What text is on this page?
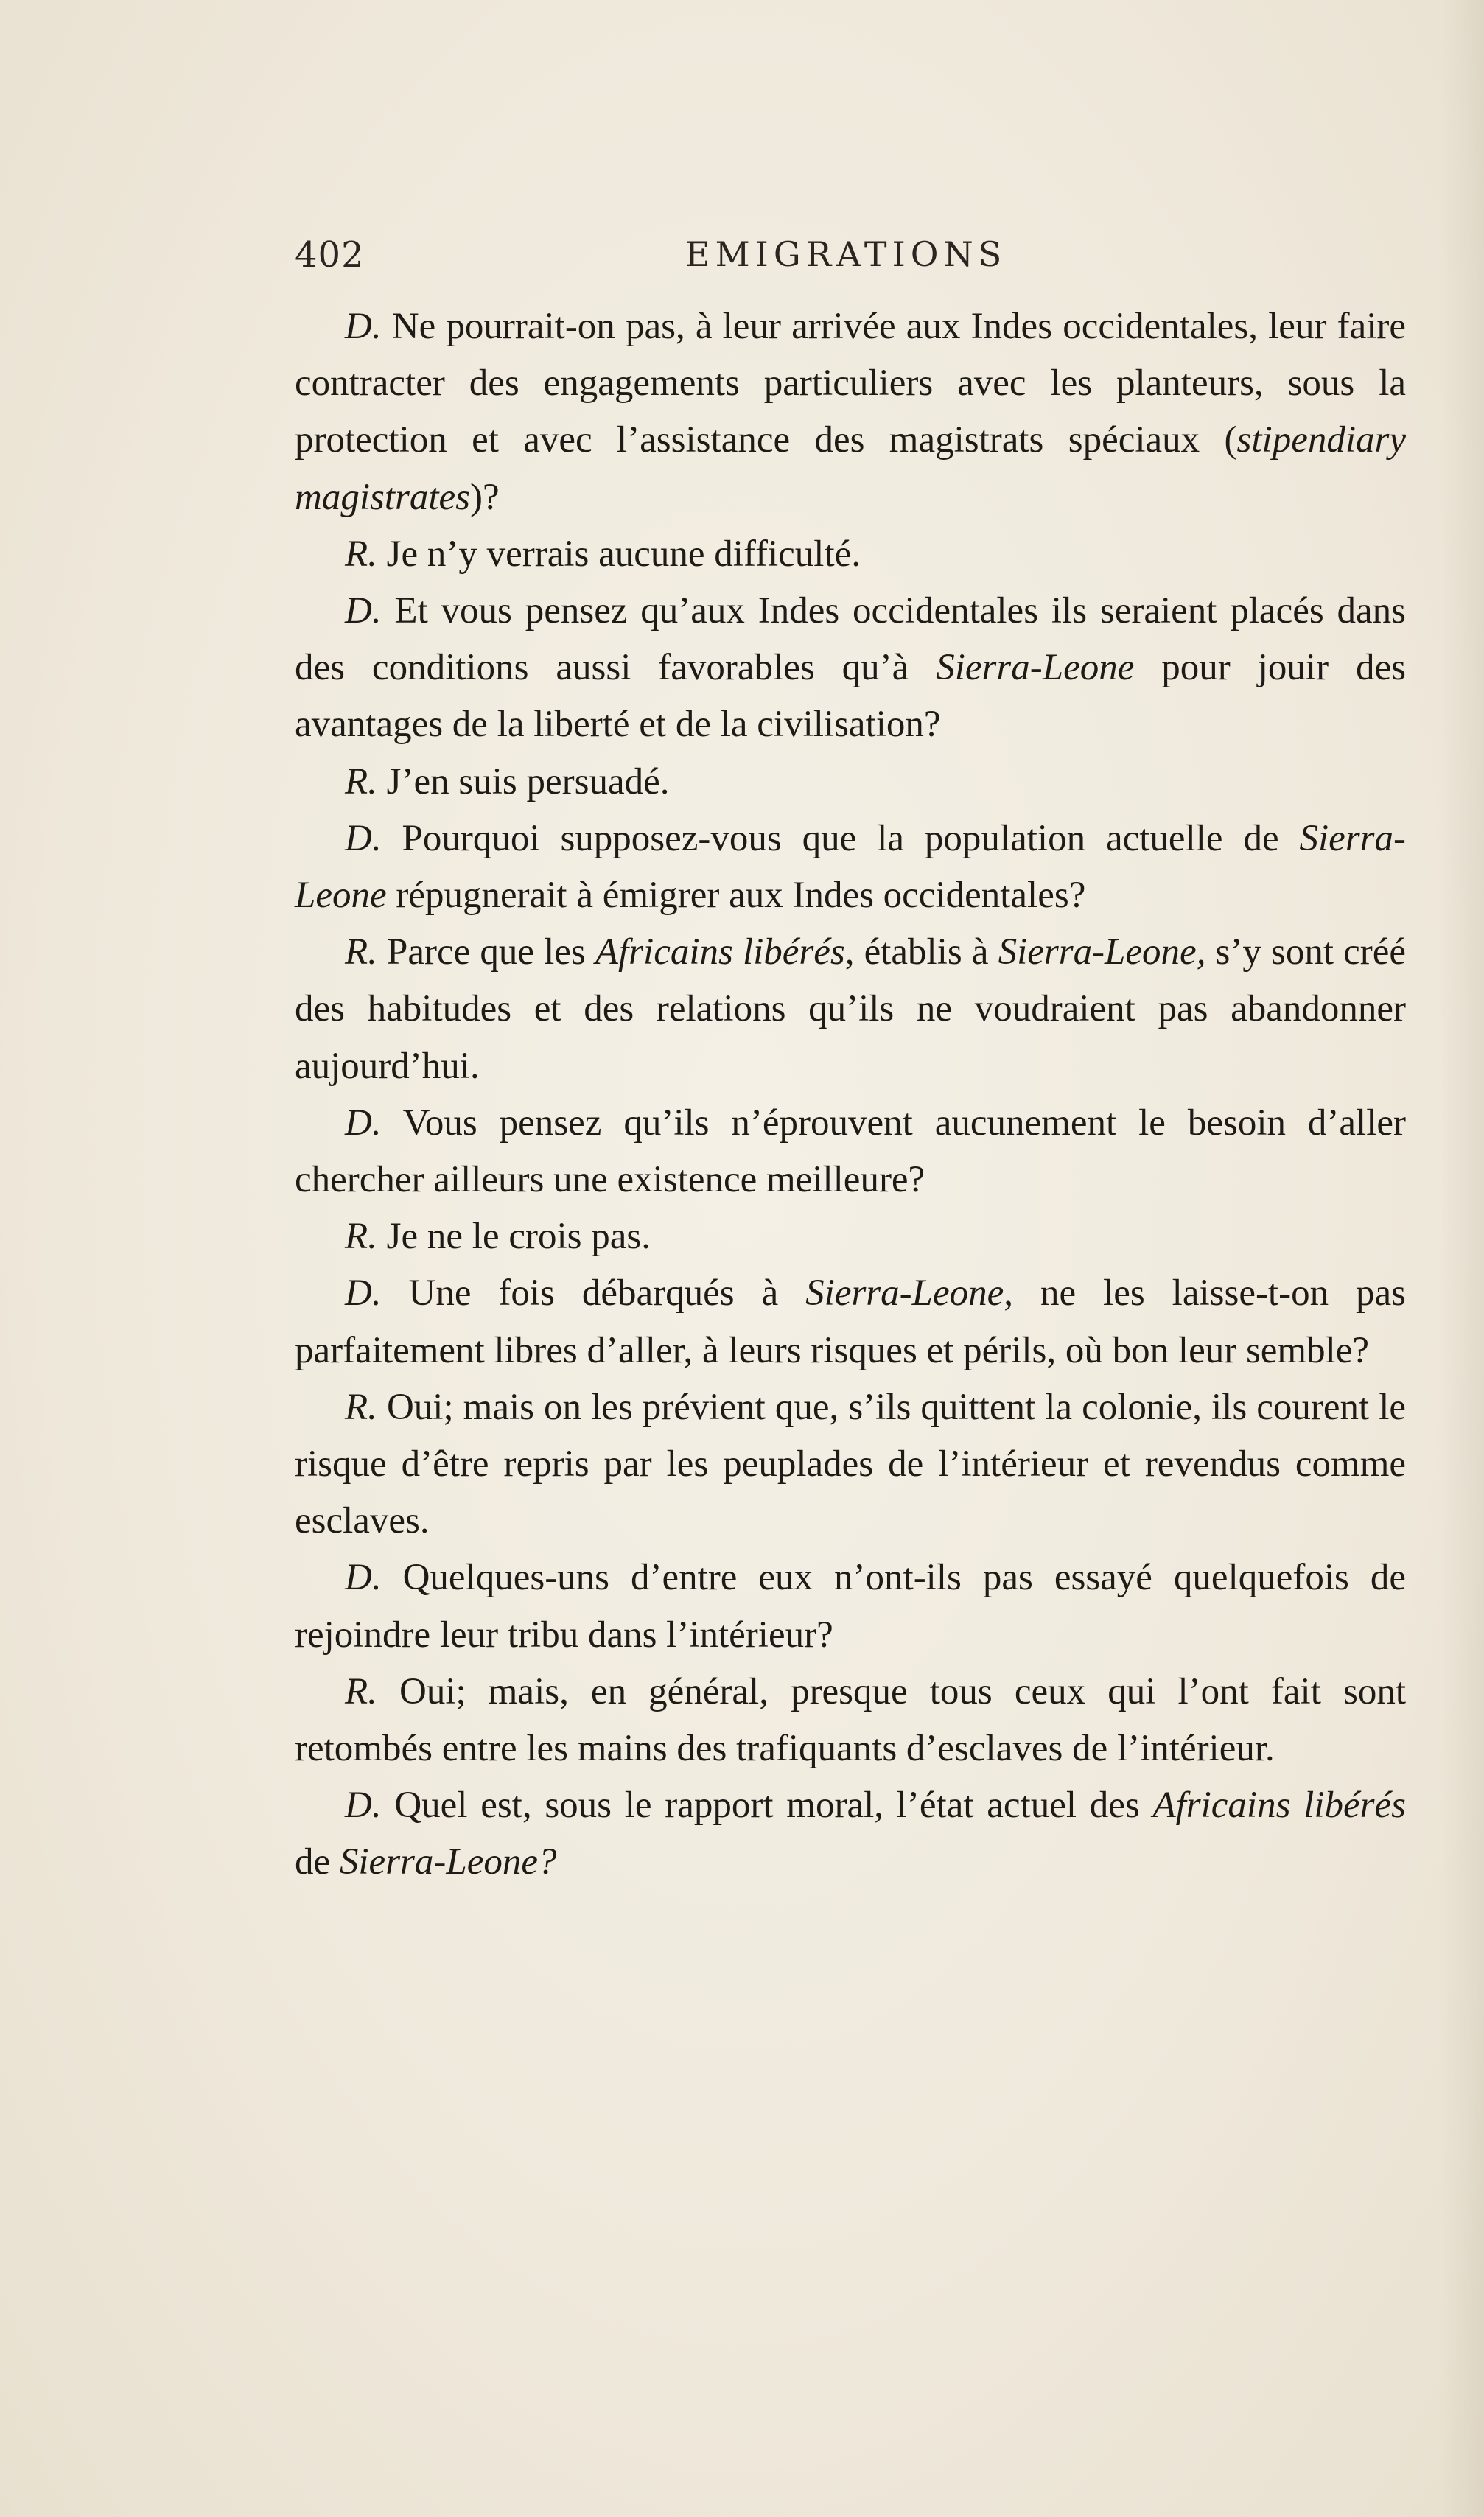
402	EMIGRATIONS

D. Ne pourrait-on pas, à leur arrivée aux Indes occidentales, leur faire contracter des engagements particuliers avec les planteurs, sous la protection et avec l’assistance des magistrats spéciaux (stipendiary magistrates)?

R. Je n’y verrais aucune difficulté.

D. Et vous pensez qu’aux Indes occidentales ils seraient placés dans des conditions aussi favorables qu’à Sierra-Leone pour jouir des avantages de la liberté et de la civilisation?

R. J’en suis persuadé.

D. Pourquoi supposez-vous que la population actuelle de Sierra-Leone répugnerait à émigrer aux Indes occidentales?

R. Parce que les Africains libérés, établis à Sierra-Leone, s’y sont créé des habitudes et des relations qu’ils ne voudraient pas abandonner aujourd’hui.

D. Vous pensez qu’ils n’éprouvent aucunement le besoin d’aller chercher ailleurs une existence meilleure?

R. Je ne le crois pas.

D. Une fois débarqués à Sierra-Leone, ne les laisse-t-on pas parfaitement libres d’aller, à leurs risques et périls, où bon leur semble?

R. Oui; mais on les prévient que, s’ils quittent la colonie, ils courent le risque d’être repris par les peuplades de l’intérieur et revendus comme esclaves.

D. Quelques-uns d’entre eux n’ont-ils pas essayé quelquefois de rejoindre leur tribu dans l’intérieur?

R. Oui; mais, en général, presque tous ceux qui l’ont fait sont retombés entre les mains des trafiquants d’esclaves de l’intérieur.

D. Quel est, sous le rapport moral, l’état actuel des Africains libérés de Sierra-Leone?
